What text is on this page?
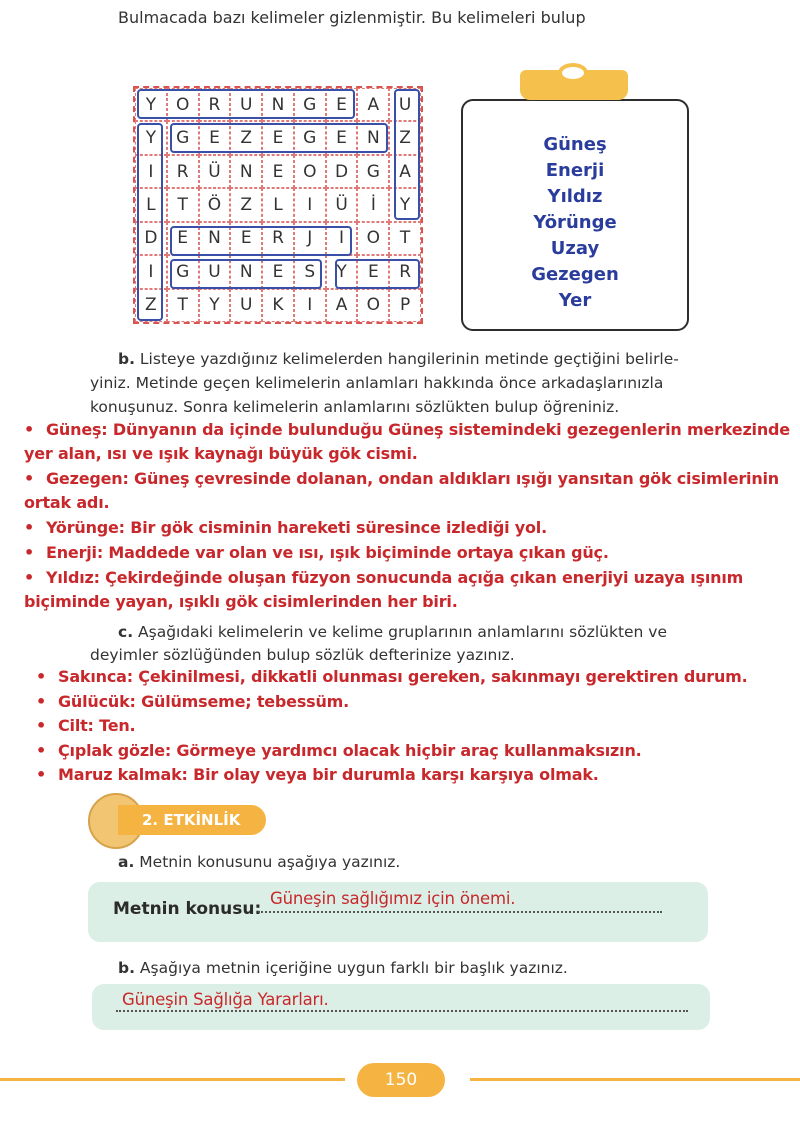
Bulmacada bazı kelimeler gizlenmiştir. Bu kelimeleri bulup
Y	O	R	U	N	G	E	A	U
Y	G	E	Z	E	G	E	N	Z
I	R	Ü	N	E	O	D	G	A
L	T	Ö	Z	L	I	Ü	İ	Y
D	E	N	E	R	J	I	O	T
I	G	U	N	E	S	Y	E	R
Z	T	Y	U	K	I	A	O	P
Güneş
Enerji
Yıldız
Yörünge
Uzay
Gezegen
Yer
b. Listeye yazdığınız kelimelerden hangilerinin metinde geçtiğini belirle-
yiniz. Metinde geçen kelimelerin anlamları hakkında önce arkadaşlarınızla
konuşunuz. Sonra kelimelerin anlamlarını sözlükten bulup öğreniniz.
• Güneş: Dünyanın da içinde bulunduğu Güneş sistemindeki gezegenlerin merkezinde
yer alan, ısı ve ışık kaynağı büyük gök cismi.
• Gezegen: Güneş çevresinde dolanan, ondan aldıkları ışığı yansıtan gök cisimlerinin
ortak adı.
• Yörünge: Bir gök cisminin hareketi süresince izlediği yol.
• Enerji: Maddede var olan ve ısı, ışık biçiminde ortaya çıkan güç.
• Yıldız: Çekirdeğinde oluşan füzyon sonucunda açığa çıkan enerjiyi uzaya ışınım
biçiminde yayan, ışıklı gök cisimlerinden her biri.
c. Aşağıdaki kelimelerin ve kelime gruplarının anlamlarını sözlükten ve
deyimler sözlüğünden bulup sözlük defterinize yazınız.
• Sakınca: Çekinilmesi, dikkatli olunması gereken, sakınmayı gerektiren durum.
• Gülücük: Gülümseme; tebessüm.
• Cilt: Ten.
• Çıplak gözle: Görmeye yardımcı olacak hiçbir araç kullanmaksızın.
• Maruz kalmak: Bir olay veya bir durumla karşı karşıya olmak.
2. ETKİNLİK
a. Metnin konusunu aşağıya yazınız.
Metnin konusu:
Güneşin sağlığımız için önemi.
b. Aşağıya metnin içeriğine uygun farklı bir başlık yazınız.
Güneşin Sağlığa Yararları.
150
